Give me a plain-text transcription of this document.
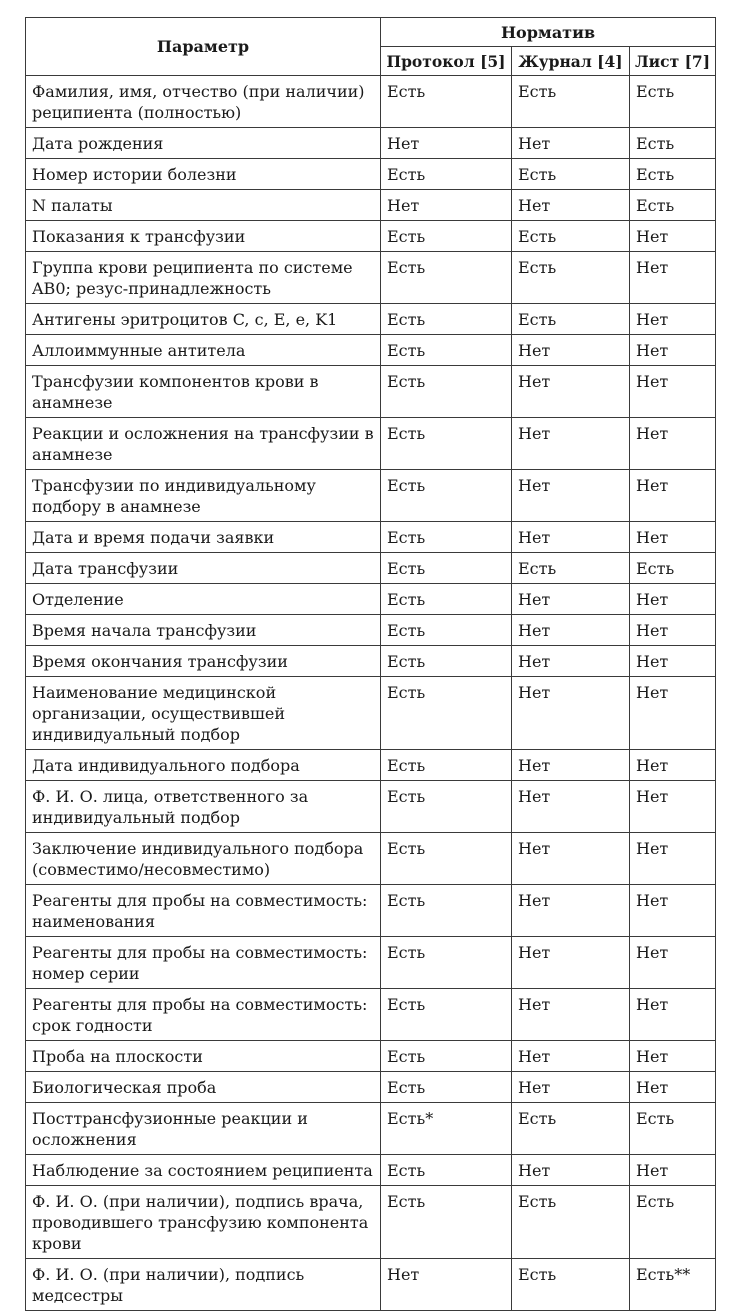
Параметр	Норматив		
	Протокол [5]	Журнал [4]	Лист [7]
Фамилия, имя, отчество (при наличии) реципиента (полностью)	Есть	Есть	Есть
Дата рождения	Нет	Нет	Есть
Номер истории болезни	Есть	Есть	Есть
N палаты	Нет	Нет	Есть
Показания к трансфузии	Есть	Есть	Нет
Группа крови реципиента по системе AB0; резус-принадлежность	Есть	Есть	Нет
Антигены эритроцитов C, c, E, e, K1	Есть	Есть	Нет
Аллоиммунные антитела	Есть	Нет	Нет
Трансфузии компонентов крови в анамнезе	Есть	Нет	Нет
Реакции и осложнения на трансфузии в анамнезе	Есть	Нет	Нет
Трансфузии по индивидуальному подбору в анамнезе	Есть	Нет	Нет
Дата и время подачи заявки	Есть	Нет	Нет
Дата трансфузии	Есть	Есть	Есть
Отделение	Есть	Нет	Нет
Время начала трансфузии	Есть	Нет	Нет
Время окончания трансфузии	Есть	Нет	Нет
Наименование медицинской организации, осуществившей индивидуальный подбор	Есть	Нет	Нет
Дата индивидуального подбора	Есть	Нет	Нет
Ф. И. О. лица, ответственного за индивидуальный подбор	Есть	Нет	Нет
Заключение индивидуального подбора (совместимо/несовместимо)	Есть	Нет	Нет
Реагенты для пробы на совместимость: наименования	Есть	Нет	Нет
Реагенты для пробы на совместимость: номер серии	Есть	Нет	Нет
Реагенты для пробы на совместимость: срок годности	Есть	Нет	Нет
Проба на плоскости	Есть	Нет	Нет
Биологическая проба	Есть	Нет	Нет
Посттрансфузионные реакции и осложнения	Есть*	Есть	Есть
Наблюдение за состоянием реципиента	Есть	Нет	Нет
Ф. И. О. (при наличии), подпись врача, проводившего трансфузию компонента крови	Есть	Есть	Есть
Ф. И. О. (при наличии), подпись медсестры	Нет	Есть	Есть**
